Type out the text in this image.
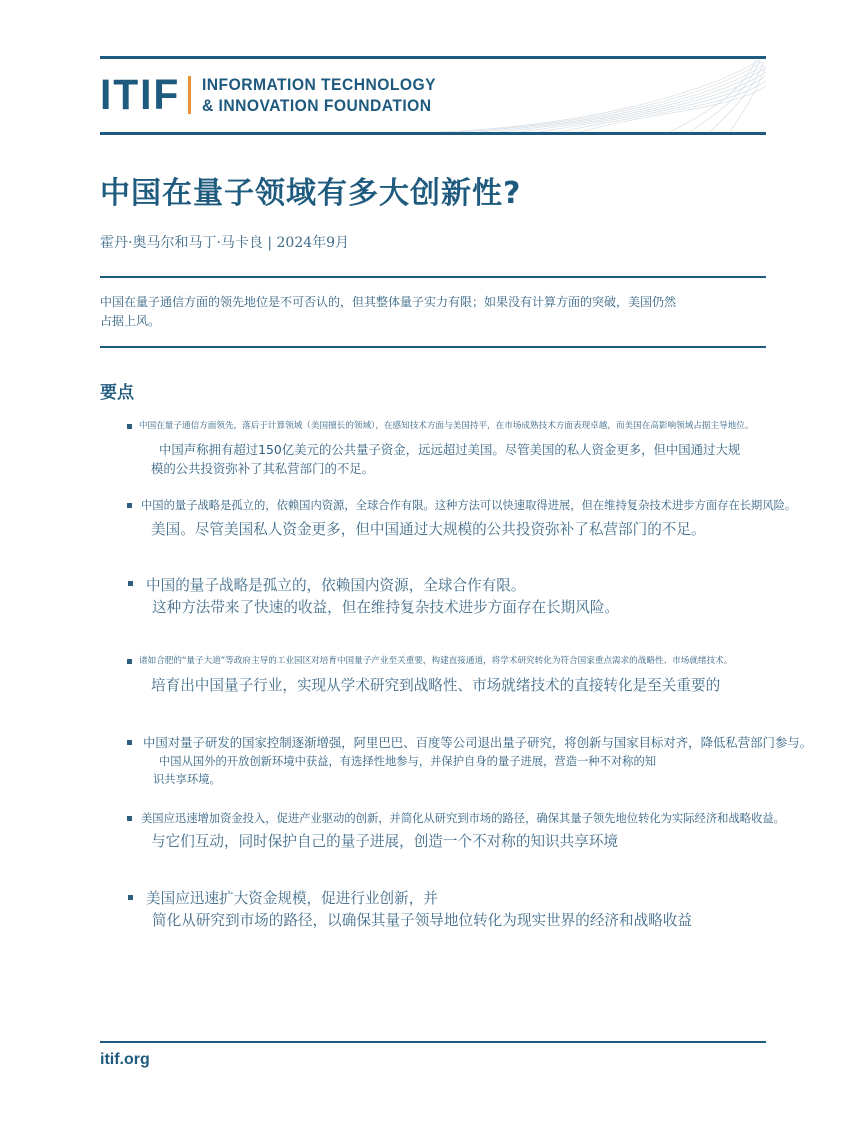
ITIF INFORMATION TECHNOLOGY
& INNOVATION FOUNDATION
中国在量子领域有多大创新性?
霍丹·奥马尔和马丁·马卡良 | 2024年9月
中国在量子通信方面的领先地位是不可否认的，但其整体量子实力有限；如果没有计算方面的突破，美国仍然
占据上风。
要点
中国在量子通信方面领先，落后于计算领域（美国擅长的领域），在感知技术方面与美国持平，在市场成熟技术方面表现卓越，而美国在高影响领域占据主导地位。
中国声称拥有超过150亿美元的公共量子资金，远远超过美国。尽管美国的私人资金更多，但中国通过大规
模的公共投资弥补了其私营部门的不足。
中国的量子战略是孤立的，依赖国内资源，全球合作有限。这种方法可以快速取得进展，但在维持复杂技术进步方面存在长期风险。
美国。尽管美国私人资金更多，但中国通过大规模的公共投资弥补了私营部门的不足。
中国的量子战略是孤立的，依赖国内资源，全球合作有限。
这种方法带来了快速的收益，但在维持复杂技术进步方面存在长期风险。
诸如合肥的“量子大道”等政府主导的工业园区对培育中国量子产业至关重要，构建直接通道，将学术研究转化为符合国家重点需求的战略性、市场就绪技术。
培育出中国量子行业，实现从学术研究到战略性、市场就绪技术的直接转化是至关重要的
中国对量子研发的国家控制逐渐增强，阿里巴巴、百度等公司退出量子研究，将创新与国家目标对齐，降低私营部门参与。
中国从国外的开放创新环境中获益，有选择性地参与，并保护自身的量子进展，营造一种不对称的知
识共享环境。
美国应迅速增加资金投入，促进产业驱动的创新，并简化从研究到市场的路径，确保其量子领先地位转化为实际经济和战略收益。
与它们互动，同时保护自己的量子进展，创造一个不对称的知识共享环境
美国应迅速扩大资金规模，促进行业创新，并
简化从研究到市场的路径，以确保其量子领导地位转化为现实世界的经济和战略收益
itif.org
